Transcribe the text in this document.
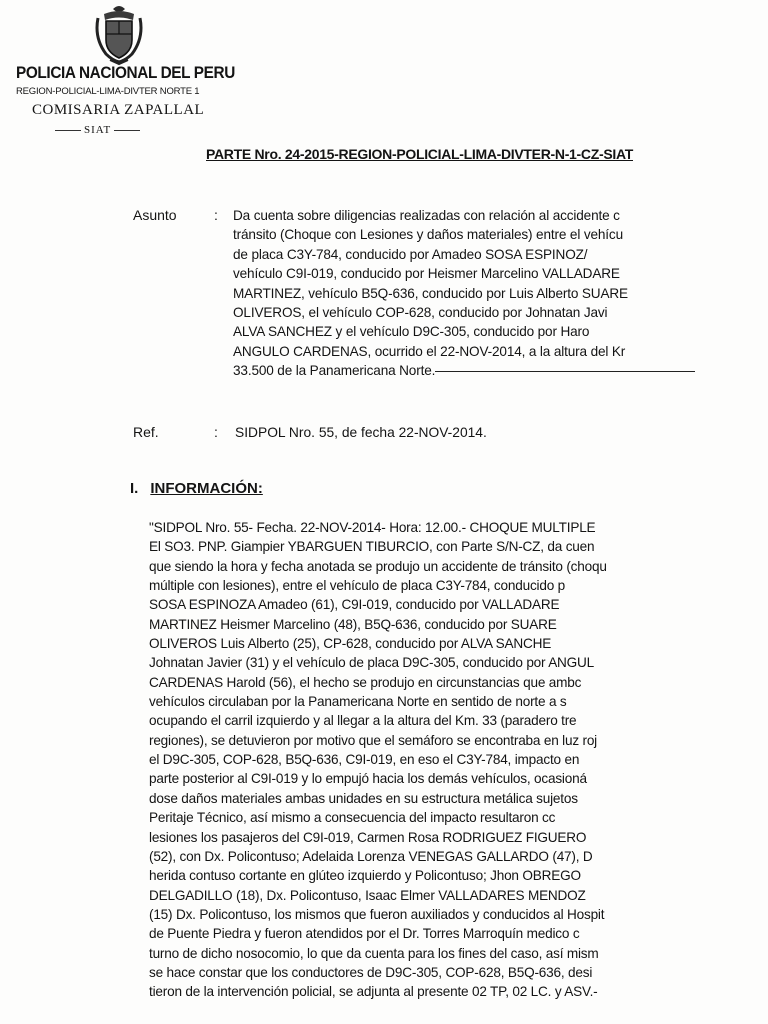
POLICIA NACIONAL DEL PERU
REGION-POLICIAL-LIMA-DIVTER NORTE 1
COMISARIA ZAPALLAL
SIAT
PARTE Nro. 24-2015-REGION-POLICIAL-LIMA-DIVTER-N-1-CZ-SIAT
Asunto	: Da cuenta sobre diligencias realizadas con relación al accidente c
tránsito (Choque con Lesiones y daños materiales) entre el vehícu
de placa C3Y-784, conducido por Amadeo SOSA ESPINOZ/
vehículo C9I-019, conducido por Heismer Marcelino VALLADARE
MARTINEZ, vehículo B5Q-636, conducido por Luis Alberto SUARE
OLIVEROS, el vehículo COP-628, conducido por Johnatan Javi
ALVA SANCHEZ y el vehículo D9C-305, conducido por Haro
ANGULO CARDENAS, ocurrido el 22-NOV-2014, a la altura del Kr
33.500 de la Panamericana Norte.
Ref.	: SIDPOL Nro. 55, de fecha 22-NOV-2014.
I. INFORMACIÓN:
"SIDPOL Nro. 55- Fecha. 22-NOV-2014- Hora: 12.00.- CHOQUE MULTIPLE
El SO3. PNP. Giampier YBARGUEN TIBURCIO, con Parte S/N-CZ, da cuen
que siendo la hora y fecha anotada se produjo un accidente de tránsito (choqu
múltiple con lesiones), entre el vehículo de placa C3Y-784, conducido p
SOSA ESPINOZA Amadeo (61), C9I-019, conducido por VALLADARE
MARTINEZ Heismer Marcelino (48), B5Q-636, conducido por SUARE
OLIVEROS Luis Alberto (25), CP-628, conducido por ALVA SANCHE
Johnatan Javier (31) y el vehículo de placa D9C-305, conducido por ANGUL
CARDENAS Harold (56), el hecho se produjo en circunstancias que ambc
vehículos circulaban por la Panamericana Norte en sentido de norte a s
ocupando el carril izquierdo y al llegar a la altura del Km. 33 (paradero tre
regiones), se detuvieron por motivo que el semáforo se encontraba en luz roj
el D9C-305, COP-628, B5Q-636, C9I-019, en eso el C3Y-784, impacto en
parte posterior al C9I-019 y lo empujó hacia los demás vehículos, ocasioná
dose daños materiales ambas unidades en su estructura metálica sujetos
Peritaje Técnico, así mismo a consecuencia del impacto resultaron cc
lesiones los pasajeros del C9I-019, Carmen Rosa RODRIGUEZ FIGUERO
(52), con Dx. Policontuso; Adelaida Lorenza VENEGAS GALLARDO (47), D
herida contuso cortante en glúteo izquierdo y Policontuso; Jhon OBREGO
DELGADILLO (18), Dx. Policontuso, Isaac Elmer VALLADARES MENDOZ
(15) Dx. Policontuso, los mismos que fueron auxiliados y conducidos al Hospit
de Puente Piedra y fueron atendidos por el Dr. Torres Marroquín medico c
turno de dicho nosocomio, lo que da cuenta para los fines del caso, así mism
se hace constar que los conductores de D9C-305, COP-628, B5Q-636, desi
tieron de la intervención policial, se adjunta al presente 02 TP, 02 LC. y ASV.-
